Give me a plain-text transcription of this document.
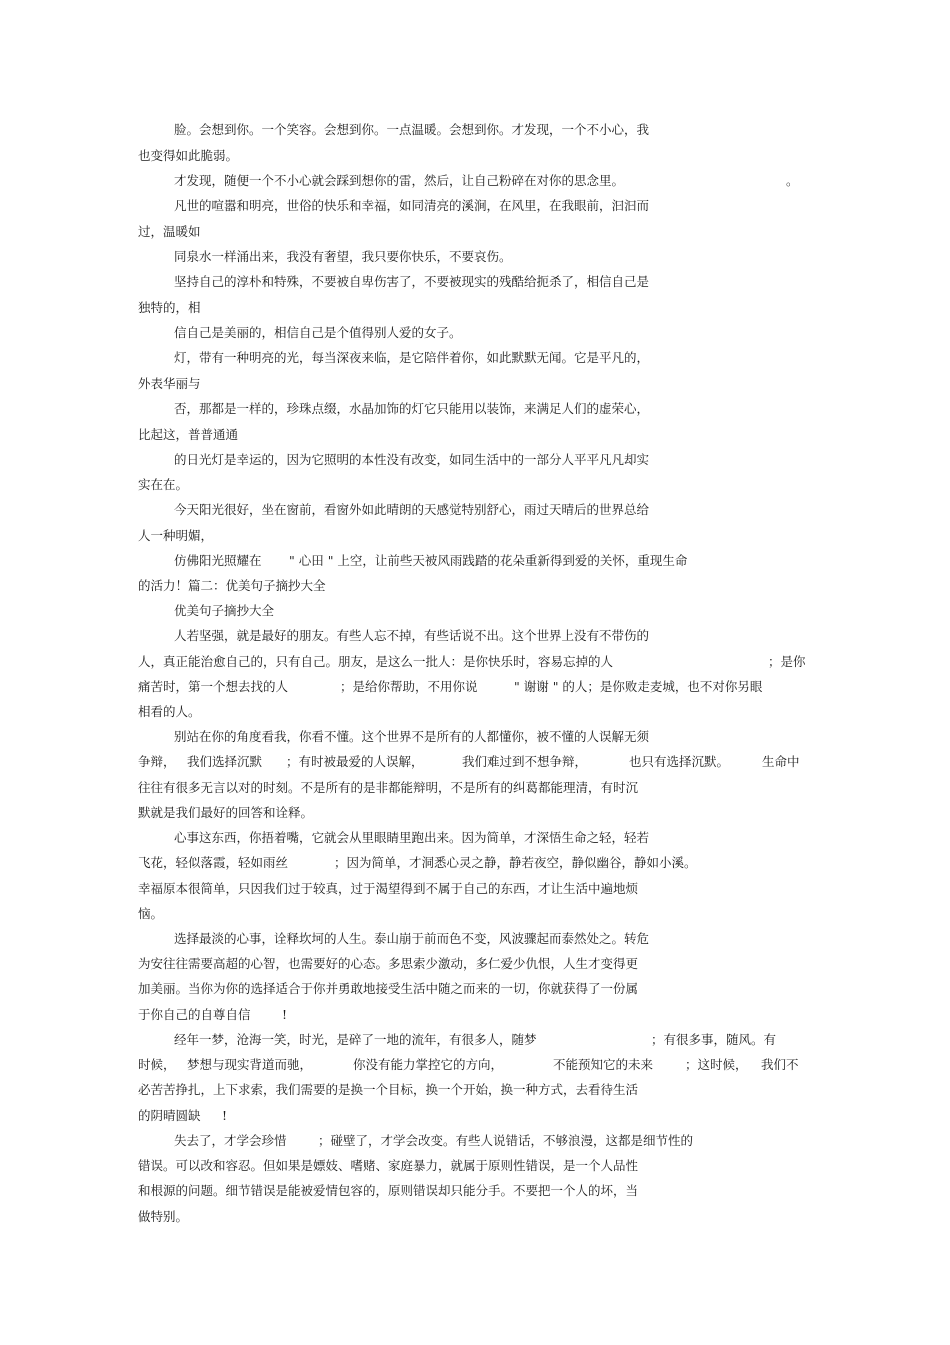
脸。会想到你。一个笑容。会想到你。一点温暖。会想到你。才发现，一个不小心，我

也变得如此脆弱。

才发现，随便一个不小心就会踩到想你的雷，然后，让自己粉碎在对你的思念里。	。

凡世的喧嚣和明亮，世俗的快乐和幸福，如同清亮的溪涧，在风里，在我眼前，汩汩而

过，温暖如

同泉水一样涌出来，我没有奢望，我只要你快乐，不要哀伤。

坚持自己的淳朴和特殊，不要被自卑伤害了，不要被现实的残酷给扼杀了，相信自己是

独特的，相

信自己是美丽的，相信自己是个值得别人爱的女子。

灯，带有一种明亮的光，每当深夜来临，是它陪伴着你，如此默默无闻。它是平凡的，

外表华丽与

否，那都是一样的，珍珠点缀，水晶加饰的灯它只能用以装饰，来满足人们的虚荣心，

比起这，普普通通

的日光灯是幸运的，因为它照明的本性没有改变，如同生活中的一部分人平平凡凡却实

实在在。

今天阳光很好，坐在窗前，看窗外如此晴朗的天感觉特别舒心，雨过天晴后的世界总给

人一种明媚，

仿佛阳光照耀在 " 心田 " 上空，让前些天被风雨践踏的花朵重新得到爱的关怀，重现生命

的活力！篇二：优美句子摘抄大全

优美句子摘抄大全

人若坚强，就是最好的朋友。有些人忘不掉，有些话说不出。这个世界上没有不带伤的

人，真正能治愈自己的，只有自己。朋友，是这么一批人：是你快乐时，容易忘掉的人	；是你

痛苦时，第一个想去找的人	；是给你帮助，不用你说	" 谢谢 " 的人；是你败走麦城，也不对你另眼

相看的人。

别站在你的角度看我，你看不懂。这个世界不是所有的人都懂你，被不懂的人误解无须

争辩， 我们选择沉默 ；有时被最爱的人误解，	我们难过到不想争辩，	也只有选择沉默。	生命中

往往有很多无言以对的时刻。不是所有的是非都能辩明，不是所有的纠葛都能理清，有时沉

默就是我们最好的回答和诠释。

心事这东西，你捂着嘴，它就会从里眼睛里跑出来。因为简单，才深悟生命之轻，轻若

飞花，轻似落霞，轻如雨丝	；因为简单，才洞悉心灵之静，静若夜空，静似幽谷，静如小溪。

幸福原本很简单，只因我们过于较真，过于渴望得到不属于自己的东西，才让生活中遍地烦

恼。

选择最淡的心事，诠释坎坷的人生。泰山崩于前而色不变，风波骤起而泰然处之。转危

为安往往需要高超的心智，也需要好的心态。多思索少激动，多仁爱少仇恨，人生才变得更

加美丽。当你为你的选择适合于你并勇敢地接受生活中随之而来的一切，你就获得了一份属

于你自己的自尊自信	!

经年一梦，沧海一笑，时光，是碎了一地的流年，有很多人，随梦	；有很多事，随风。有

时候， 梦想与现实背道而驰，	你没有能力掌控它的方向，	不能预知它的未来	；这时候， 我们不

必苦苦挣扎，上下求索，我们需要的是换一个目标，换一个开始，换一种方式，去看待生活

的阴晴圆缺 !

失去了，才学会珍惜	；碰壁了，才学会改变。有些人说错话，不够浪漫，这都是细节性的

错误。可以改和容忍。但如果是嫖妓、嗜赌、家庭暴力，就属于原则性错误，是一个人品性

和根源的问题。细节错误是能被爱情包容的，原则错误却只能分手。不要把一个人的坏，当

做特别。
